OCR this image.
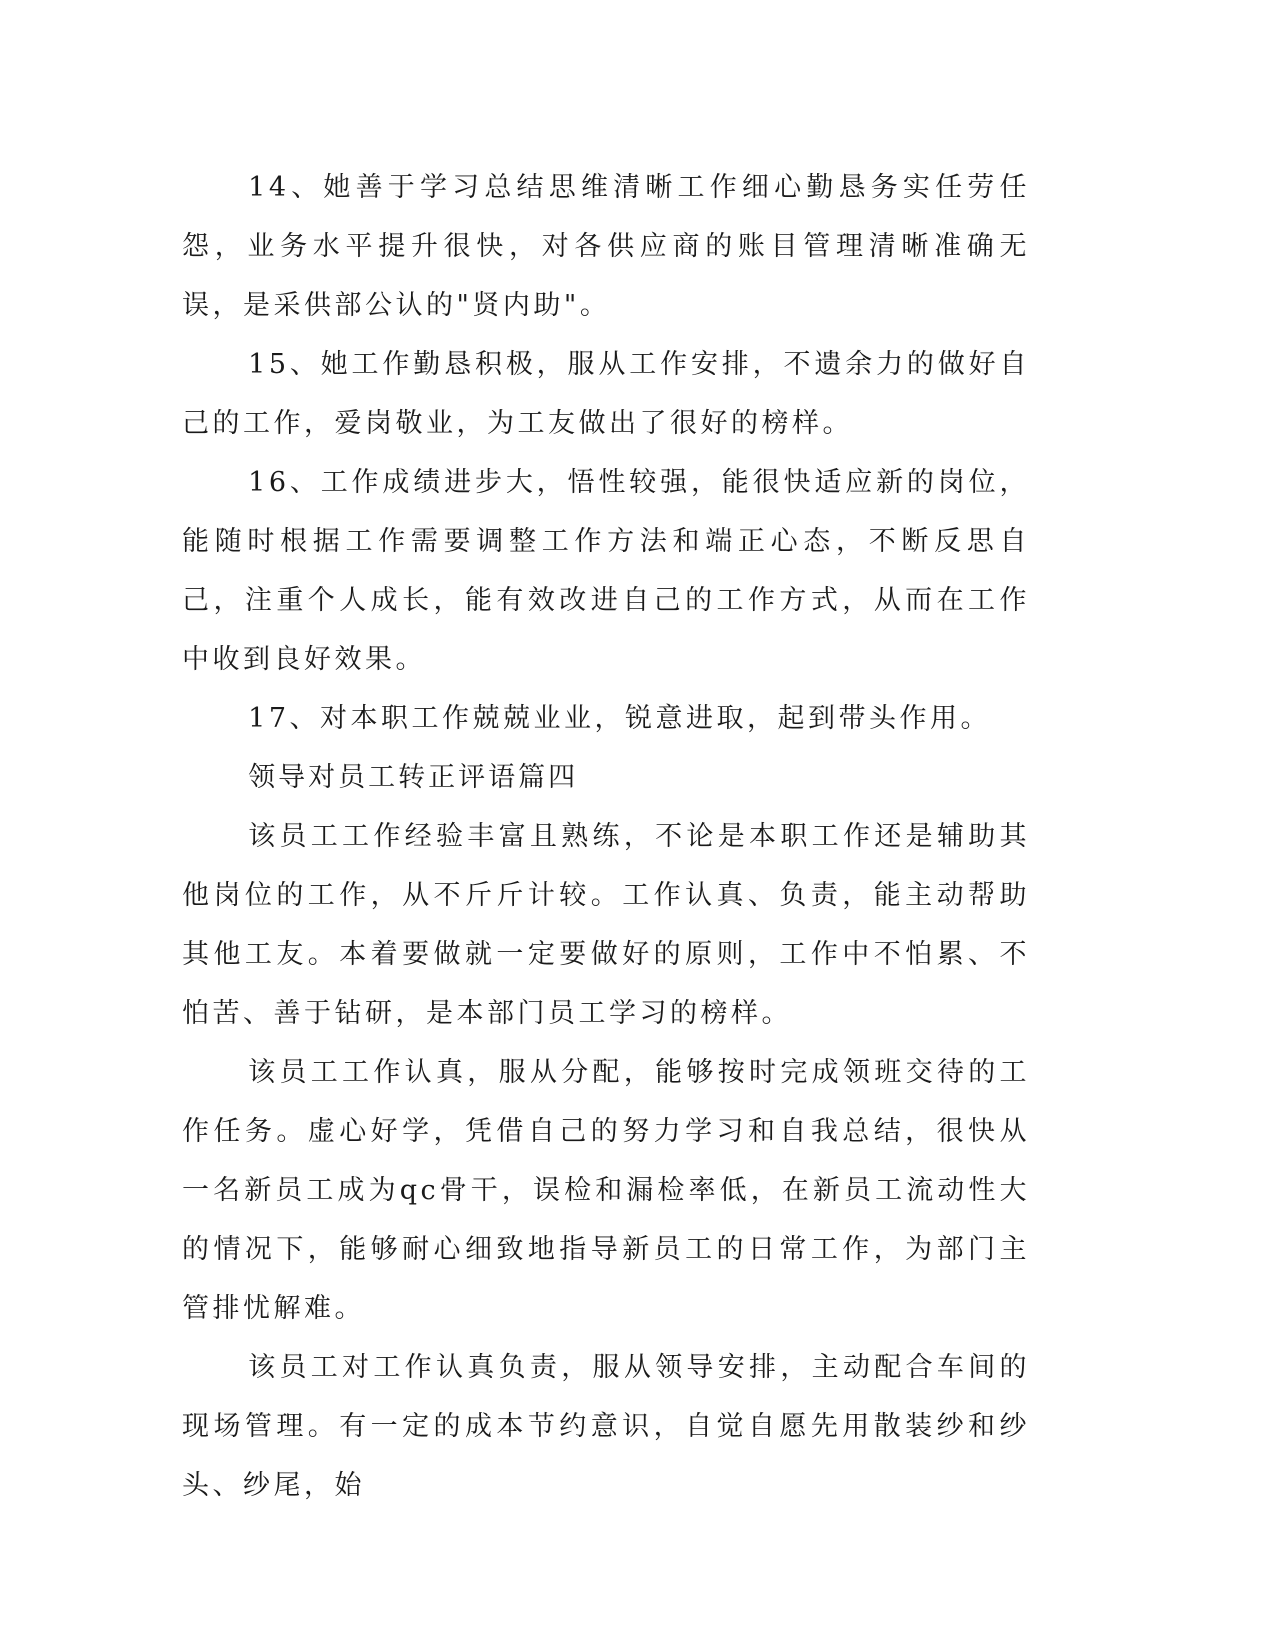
14、她善于学习总结思维清晰工作细心勤恳务实任劳任怨，业务水平提升很快，对各供应商的账目管理清晰准确无误，是采供部公认的"贤内助"。

15、她工作勤恳积极，服从工作安排，不遗余力的做好自己的工作，爱岗敬业，为工友做出了很好的榜样。

16、工作成绩进步大，悟性较强，能很快适应新的岗位，能随时根据工作需要调整工作方法和端正心态，不断反思自己，注重个人成长，能有效改进自己的工作方式，从而在工作中收到良好效果。

17、对本职工作兢兢业业，锐意进取，起到带头作用。

领导对员工转正评语篇四

该员工工作经验丰富且熟练，不论是本职工作还是辅助其他岗位的工作，从不斤斤计较。工作认真、负责，能主动帮助其他工友。本着要做就一定要做好的原则，工作中不怕累、不怕苦、善于钻研，是本部门员工学习的榜样。

该员工工作认真，服从分配，能够按时完成领班交待的工作任务。虚心好学，凭借自己的努力学习和自我总结，很快从一名新员工成为qc骨干，误检和漏检率低，在新员工流动性大的情况下，能够耐心细致地指导新员工的日常工作，为部门主管排忧解难。

该员工对工作认真负责，服从领导安排，主动配合车间的现场管理。有一定的成本节约意识，自觉自愿先用散装纱和纱头、纱尾，始
